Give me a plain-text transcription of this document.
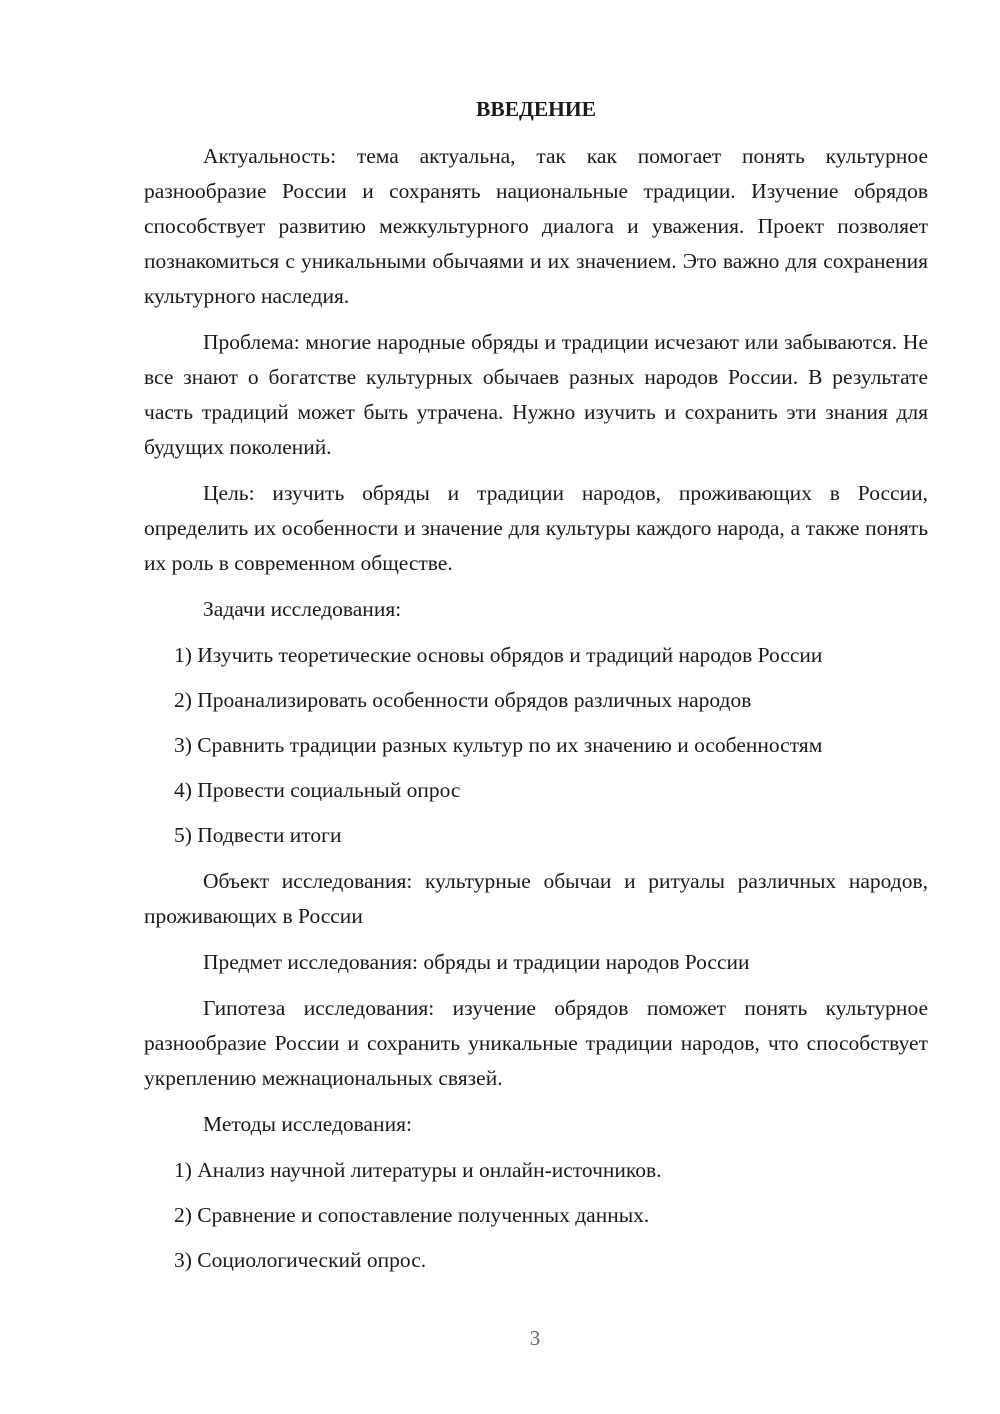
ВВЕДЕНИЕ

Актуальность: тема актуальна, так как помогает понять культурное разнообразие России и сохранять национальные традиции. Изучение обрядов способствует развитию межкультурного диалога и уважения. Проект позволяет познакомиться с уникальными обычаями и их значением. Это важно для сохранения культурного наследия.

Проблема: многие народные обряды и традиции исчезают или забываются. Не все знают о богатстве культурных обычаев разных народов России. В результате часть традиций может быть утрачена. Нужно изучить и сохранить эти знания для будущих поколений.

Цель: изучить обряды и традиции народов, проживающих в России, определить их особенности и значение для культуры каждого народа, а также понять их роль в современном обществе.

Задачи исследования:

1) Изучить теоретические основы обрядов и традиций народов России
2) Проанализировать особенности обрядов различных народов
3) Сравнить традиции разных культур по их значению и особенностям
4) Провести социальный опрос
5) Подвести итоги

Объект исследования: культурные обычаи и ритуалы различных народов, проживающих в России

Предмет исследования: обряды и традиции народов России

Гипотеза исследования: изучение обрядов поможет понять культурное разнообразие России и сохранить уникальные традиции народов, что способствует укреплению межнациональных связей.

Методы исследования:

1) Анализ научной литературы и онлайн-источников.
2) Сравнение и сопоставление полученных данных.
3) Социологический опрос.
3
